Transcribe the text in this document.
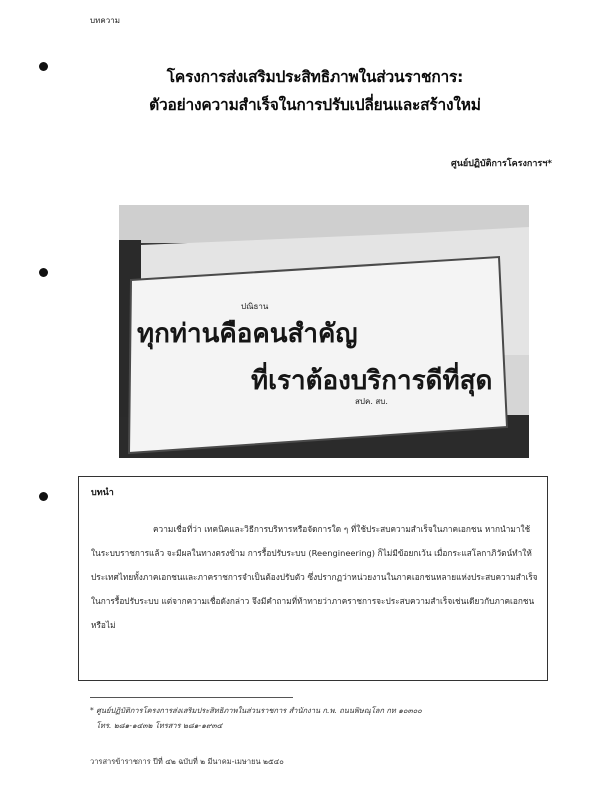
บทความ
โครงการส่งเสริมประสิทธิภาพในส่วนราชการ:
ตัวอย่างความสำเร็จในการปรับเปลี่ยนและสร้างใหม่
ศูนย์ปฏิบัติการโครงการฯ*
ปณิธาน
ทุกท่านคือคนสำคัญ
ที่เราต้องบริการดีที่สุด
สปค. สบ.
บทนำ
ความเชื่อที่ว่า เทคนิคและวิธีการบริหารหรือจัดการใด ๆ ที่ใช้ประสบความสำเร็จในภาคเอกชน หากนำมาใช้ในระบบราชการแล้ว จะมีผลในทางตรงข้าม การรื้อปรับระบบ (Reengineering) ก็ไม่มีข้อยกเว้น เมื่อกระแสโลกาภิวัตน์ทำให้ประเทศไทยทั้งภาคเอกชนและภาคราชการจำเป็นต้องปรับตัว ซึ่งปรากฏว่าหน่วยงานในภาคเอกชนหลายแห่งประสบความสำเร็จในการรื้อปรับระบบ แต่จากความเชื่อดังกล่าว จึงมีคำถามที่ท้าทายว่าภาคราชการจะประสบความสำเร็จเช่นเดียวกับภาคเอกชน หรือไม่
* ศูนย์ปฏิบัติการโครงการส่งเสริมประสิทธิภาพในส่วนราชการ สำนักงาน ก.พ. ถนนพิษณุโลก กท ๑๐๓๐๐
โทร. ๒๘๑-๑๔๓๒ โทรสาร ๒๘๑-๑๙๓๔
วารสารข้าราชการ ปีที่ ๔๒ ฉบับที่ ๒ มีนาคม-เมษายน ๒๕๔๐
